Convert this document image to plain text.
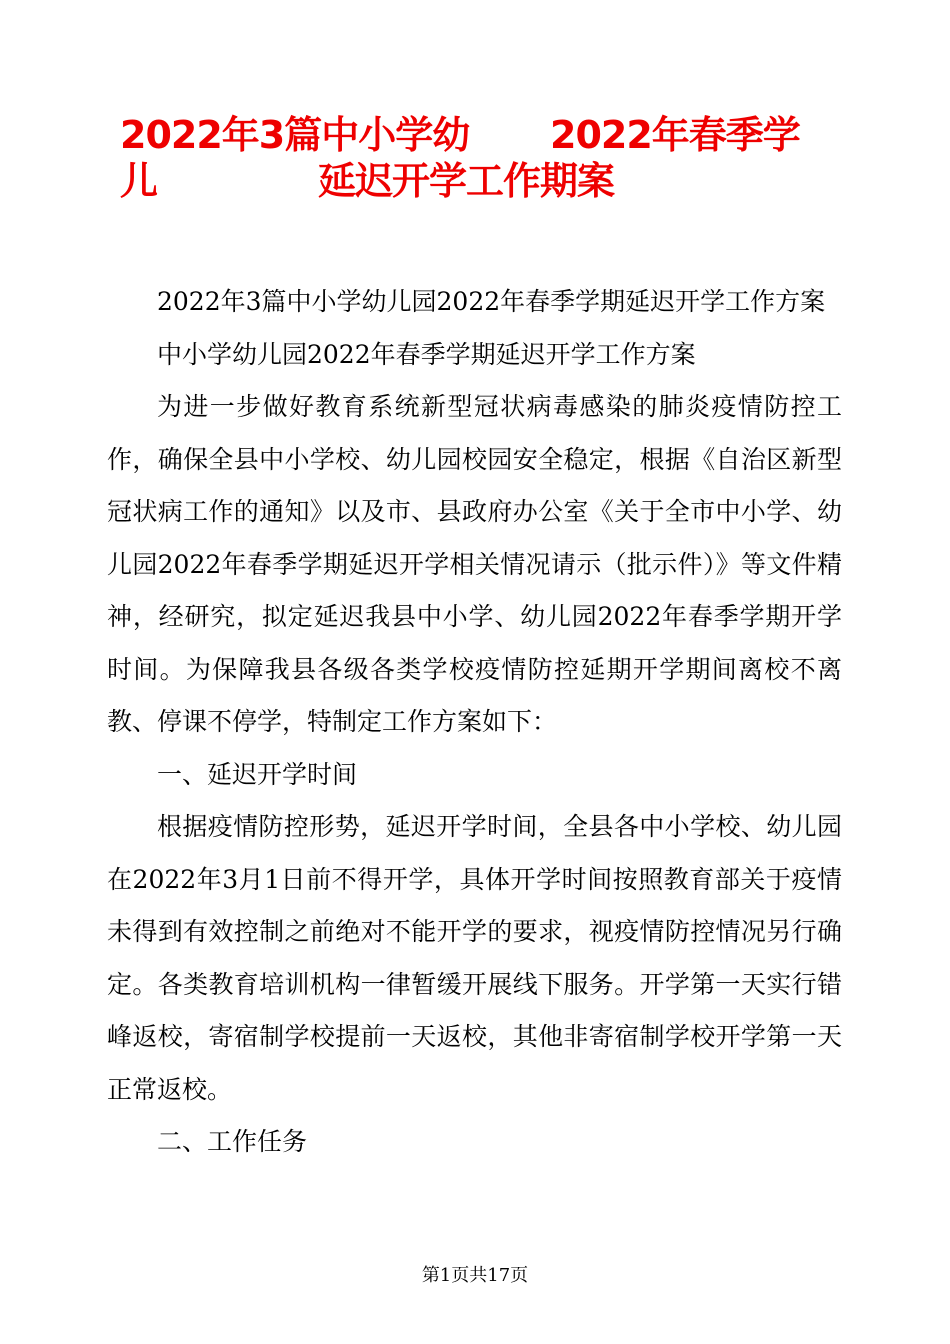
2022年3篇中小学幼
儿
2022年春季学
延迟开学工作期案

2022年3篇中小学幼儿园2022年春季学期延迟开学工作方案

中小学幼儿园2022年春季学期延迟开学工作方案

为进一步做好教育系统新型冠状病毒感染的肺炎疫情防控工作，确保全县中小学校、幼儿园校园安全稳定，根据《自治区新型冠状病工作的通知》以及市、县政府办公室《关于全市中小学、幼儿园2022年春季学期延迟开学相关情况请示（批示件）》等文件精神，经研究，拟定延迟我县中小学、幼儿园2022年春季学期开学时间。为保障我县各级各类学校疫情防控延期开学期间离校不离教、停课不停学，特制定工作方案如下：

一、延迟开学时间

根据疫情防控形势，延迟开学时间，全县各中小学校、幼儿园在2022年3月1日前不得开学，具体开学时间按照教育部关于疫情未得到有效控制之前绝对不能开学的要求，视疫情防控情况另行确定。各类教育培训机构一律暂缓开展线下服务。开学第一天实行错峰返校，寄宿制学校提前一天返校，其他非寄宿制学校开学第一天正常返校。

二、工作任务

第1页共17页
